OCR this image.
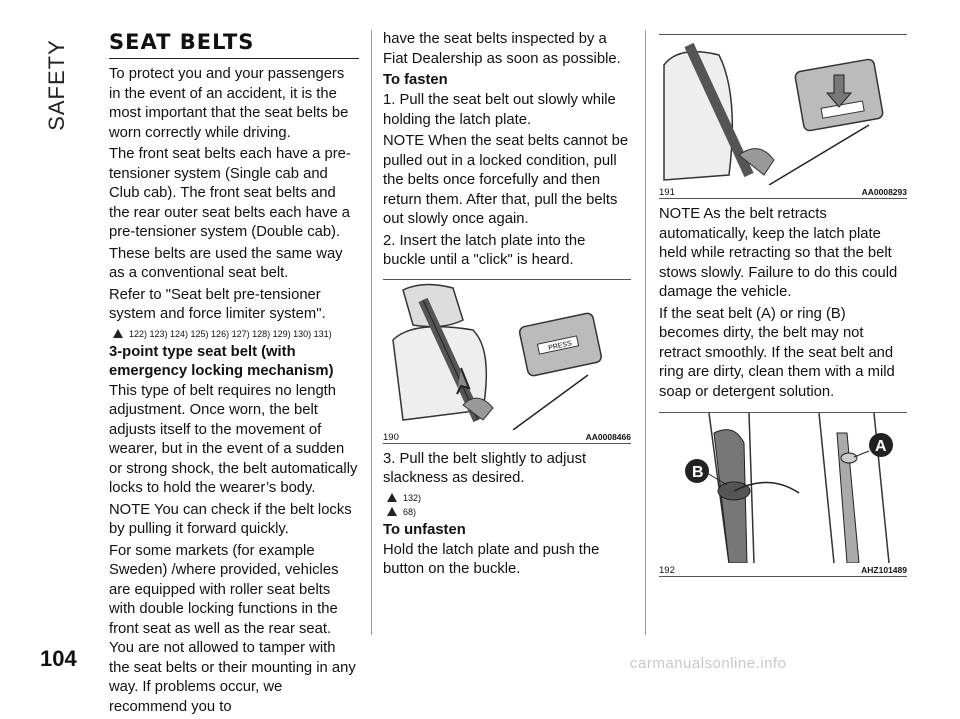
SAFETY
104	carmanualsonline.info
SEAT BELTS

To protect you and your passengers in the event of an accident, it is the most important that the seat belts be worn correctly while driving.

The front seat belts each have a pre-tensioner system (Single cab and Club cab). The front seat belts and the rear outer seat belts each have a pre-tensioner system (Double cab).

These belts are used the same way as a conventional seat belt.

Refer to "Seat belt pre-tensioner system and force limiter system".

122) 123) 124) 125) 126) 127) 128) 129) 130) 131)
3-point type seat belt (with emergency locking mechanism)

This type of belt requires no length adjustment. Once worn, the belt adjusts itself to the movement of wearer, but in the event of a sudden or strong shock, the belt automatically locks to hold the wearer’s body.

NOTE You can check if the belt locks by pulling it forward quickly.

For some markets (for example Sweden) /where provided, vehicles are equipped with roller seat belts with double locking functions in the front seat as well as the rear seat. You are not allowed to tamper with the seat belts or their mounting in any way. If problems occur, we recommend you to

have the seat belts inspected by a Fiat Dealership as soon as possible.

To fasten

1. Pull the seat belt out slowly while holding the latch plate.

NOTE When the seat belts cannot be pulled out in a locked condition, pull the belts once forcefully and then return them. After that, pull the belts out slowly once again.

2. Insert the latch plate into the buckle until a "click" is heard.

PRESS
190	AA0008466

3. Pull the belt slightly to adjust slackness as desired.

132)
68)
To unfasten

Hold the latch plate and push the button on the buckle.

191	AA0008293

NOTE As the belt retracts automatically, keep the latch plate held while retracting so that the belt stows slowly. Failure to do this could damage the vehicle.

If the seat belt (A) or ring (B) becomes dirty, the belt may not retract smoothly. If the seat belt and ring are dirty, clean them with a mild soap or detergent solution.

B
A
192	AHZ101489
